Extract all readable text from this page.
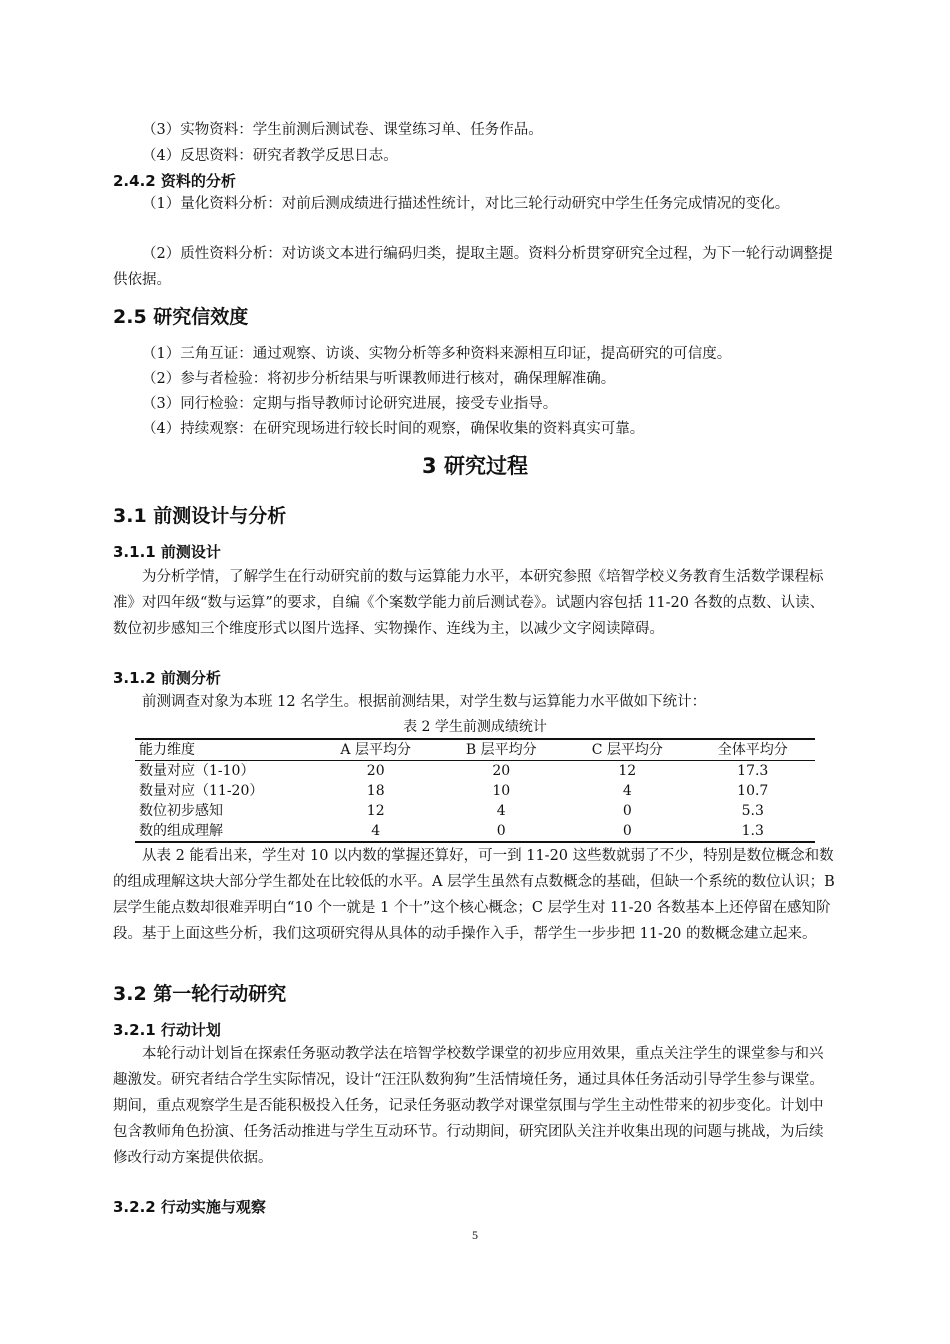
（3）实物资料：学生前测后测试卷、课堂练习单、任务作品。

（4）反思资料：研究者教学反思日志。

2.4.2 资料的分析

（1）量化资料分析：对前后测成绩进行描述性统计，对比三轮行动研究中学生任务完成情况的变化。

（2）质性资料分析：对访谈文本进行编码归类，提取主题。资料分析贯穿研究全过程，为下一轮行动调整提供依据。

2.5 研究信效度

（1）三角互证：通过观察、访谈、实物分析等多种资料来源相互印证，提高研究的可信度。

（2）参与者检验：将初步分析结果与听课教师进行核对，确保理解准确。

（3）同行检验：定期与指导教师讨论研究进展，接受专业指导。

（4）持续观察：在研究现场进行较长时间的观察，确保收集的资料真实可靠。

3 研究过程
3.1 前测设计与分析
3.1.1 前测设计

为分析学情，了解学生在行动研究前的数与运算能力水平，本研究参照《培智学校义务教育生活数学课程标准》对四年级“数与运算”的要求，自编《个案数学能力前后测试卷》。试题内容包括 11-20 各数的点数、认读、数位初步感知三个维度形式以图片选择、实物操作、连线为主，以减少文字阅读障碍。

3.1.2 前测分析

前测调查对象为本班 12 名学生。根据前测结果，对学生数与运算能力水平做如下统计：

表 2 学生前测成绩统计
能力维度	A 层平均分	B 层平均分	C 层平均分	全体平均分
数量对应（1-10）	20	20	12	17.3
数量对应（11-20）	18	10	4	10.7
数位初步感知	12	4	0	5.3
数的组成理解	4	0	0	1.3

从表 2 能看出来，学生对 10 以内数的掌握还算好，可一到 11-20 这些数就弱了不少，特别是数位概念和数的组成理解这块大部分学生都处在比较低的水平。A 层学生虽然有点数概念的基础，但缺一个系统的数位认识；B 层学生能点数却很难弄明白“10 个一就是 1 个十”这个核心概念；C 层学生对 11-20 各数基本上还停留在感知阶段。基于上面这些分析，我们这项研究得从具体的动手操作入手，帮学生一步步把 11-20 的数概念建立起来。

3.2 第一轮行动研究
3.2.1 行动计划

本轮行动计划旨在探索任务驱动教学法在培智学校数学课堂的初步应用效果，重点关注学生的课堂参与和兴趣激发。研究者结合学生实际情况，设计“汪汪队数狗狗”生活情境任务，通过具体任务活动引导学生参与课堂。期间，重点观察学生是否能积极投入任务，记录任务驱动教学对课堂氛围与学生主动性带来的初步变化。计划中包含教师角色扮演、任务活动推进与学生互动环节。行动期间，研究团队关注并收集出现的问题与挑战，为后续修改行动方案提供依据。

3.2.2 行动实施与观察
5
